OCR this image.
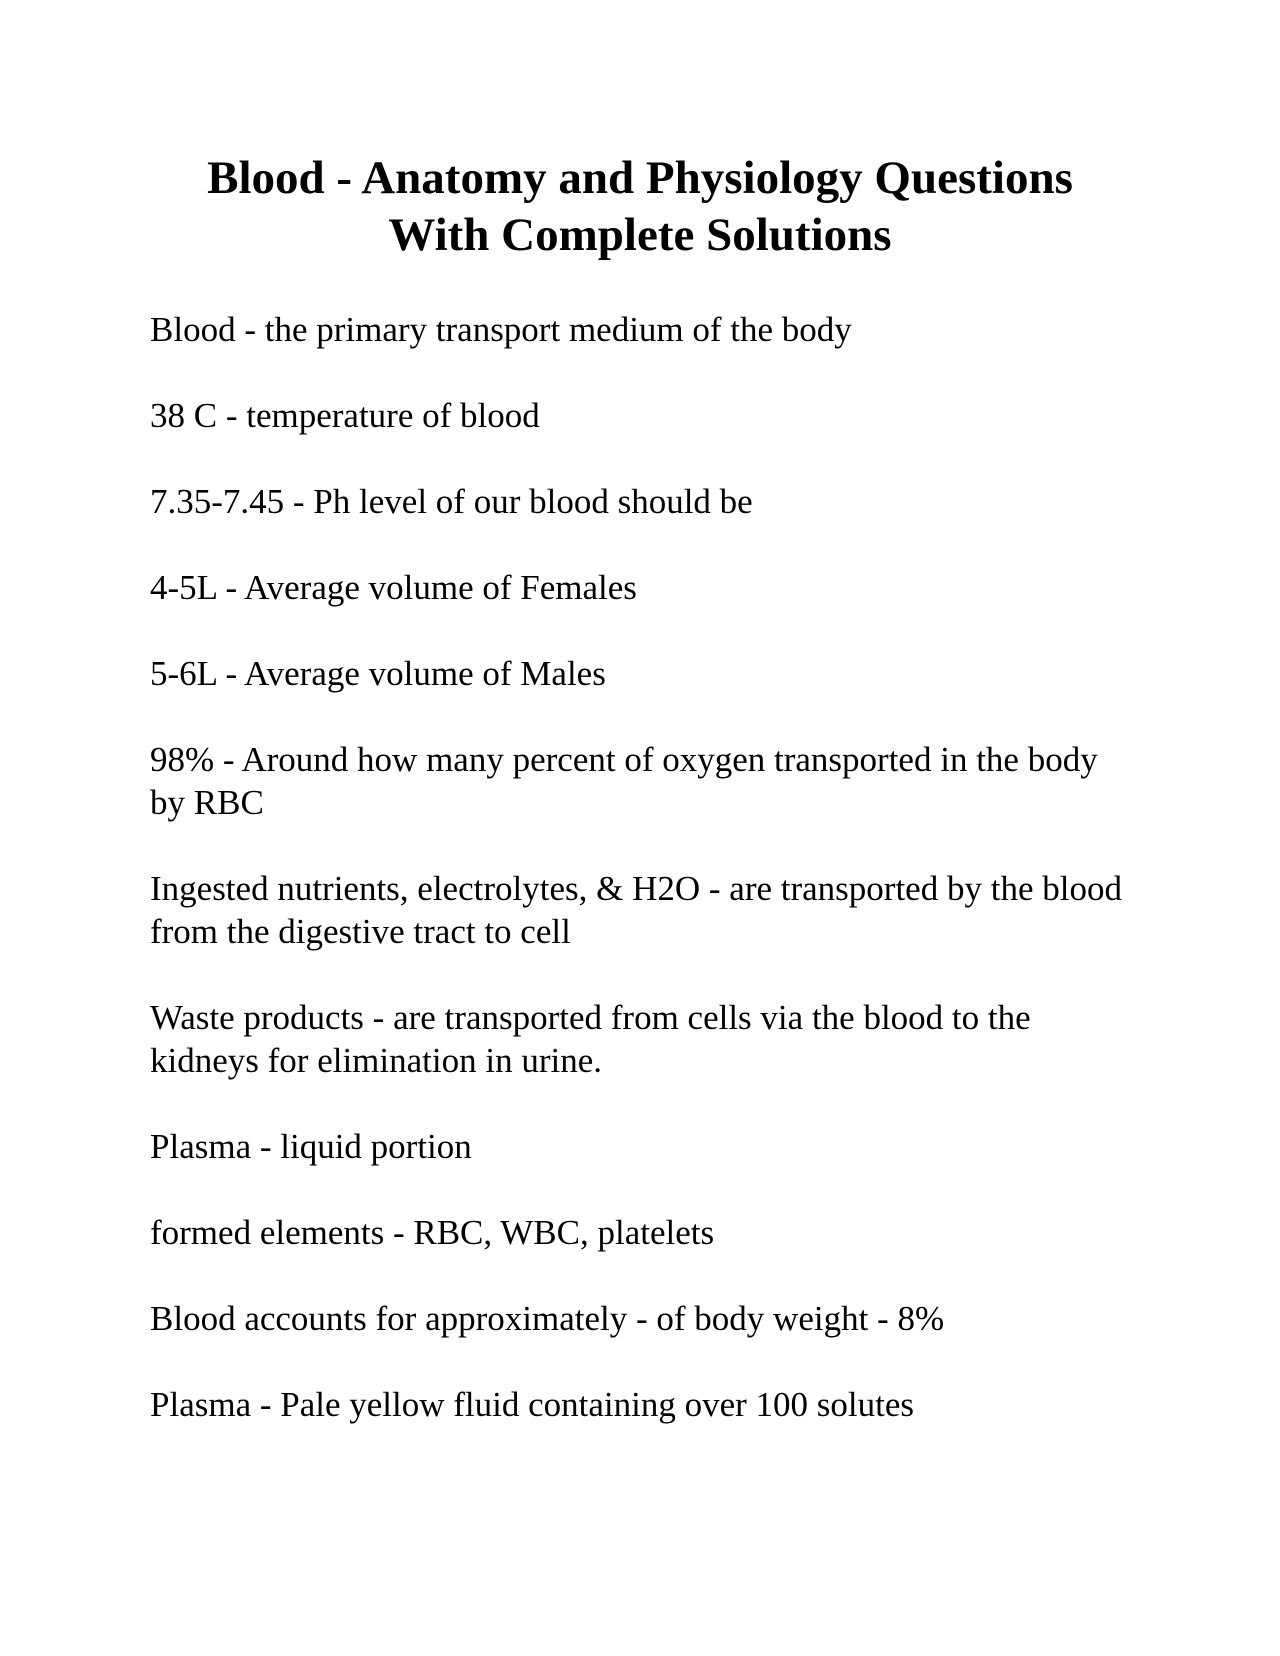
Blood - Anatomy and Physiology Questions
With Complete Solutions
Blood - the primary transport medium of the body
38 C - temperature of blood
7.35-7.45 - Ph level of our blood should be
4-5L - Average volume of Females
5-6L - Average volume of Males
98% - Around how many percent of oxygen transported in the body by RBC
Ingested nutrients, electrolytes, & H2O - are transported by the blood from the digestive tract to cell
Waste products - are transported from cells via the blood to the kidneys for elimination in urine.
Plasma - liquid portion
formed elements - RBC, WBC, platelets
Blood accounts for approximately - of body weight - 8%
Plasma - Pale yellow fluid containing over 100 solutes
